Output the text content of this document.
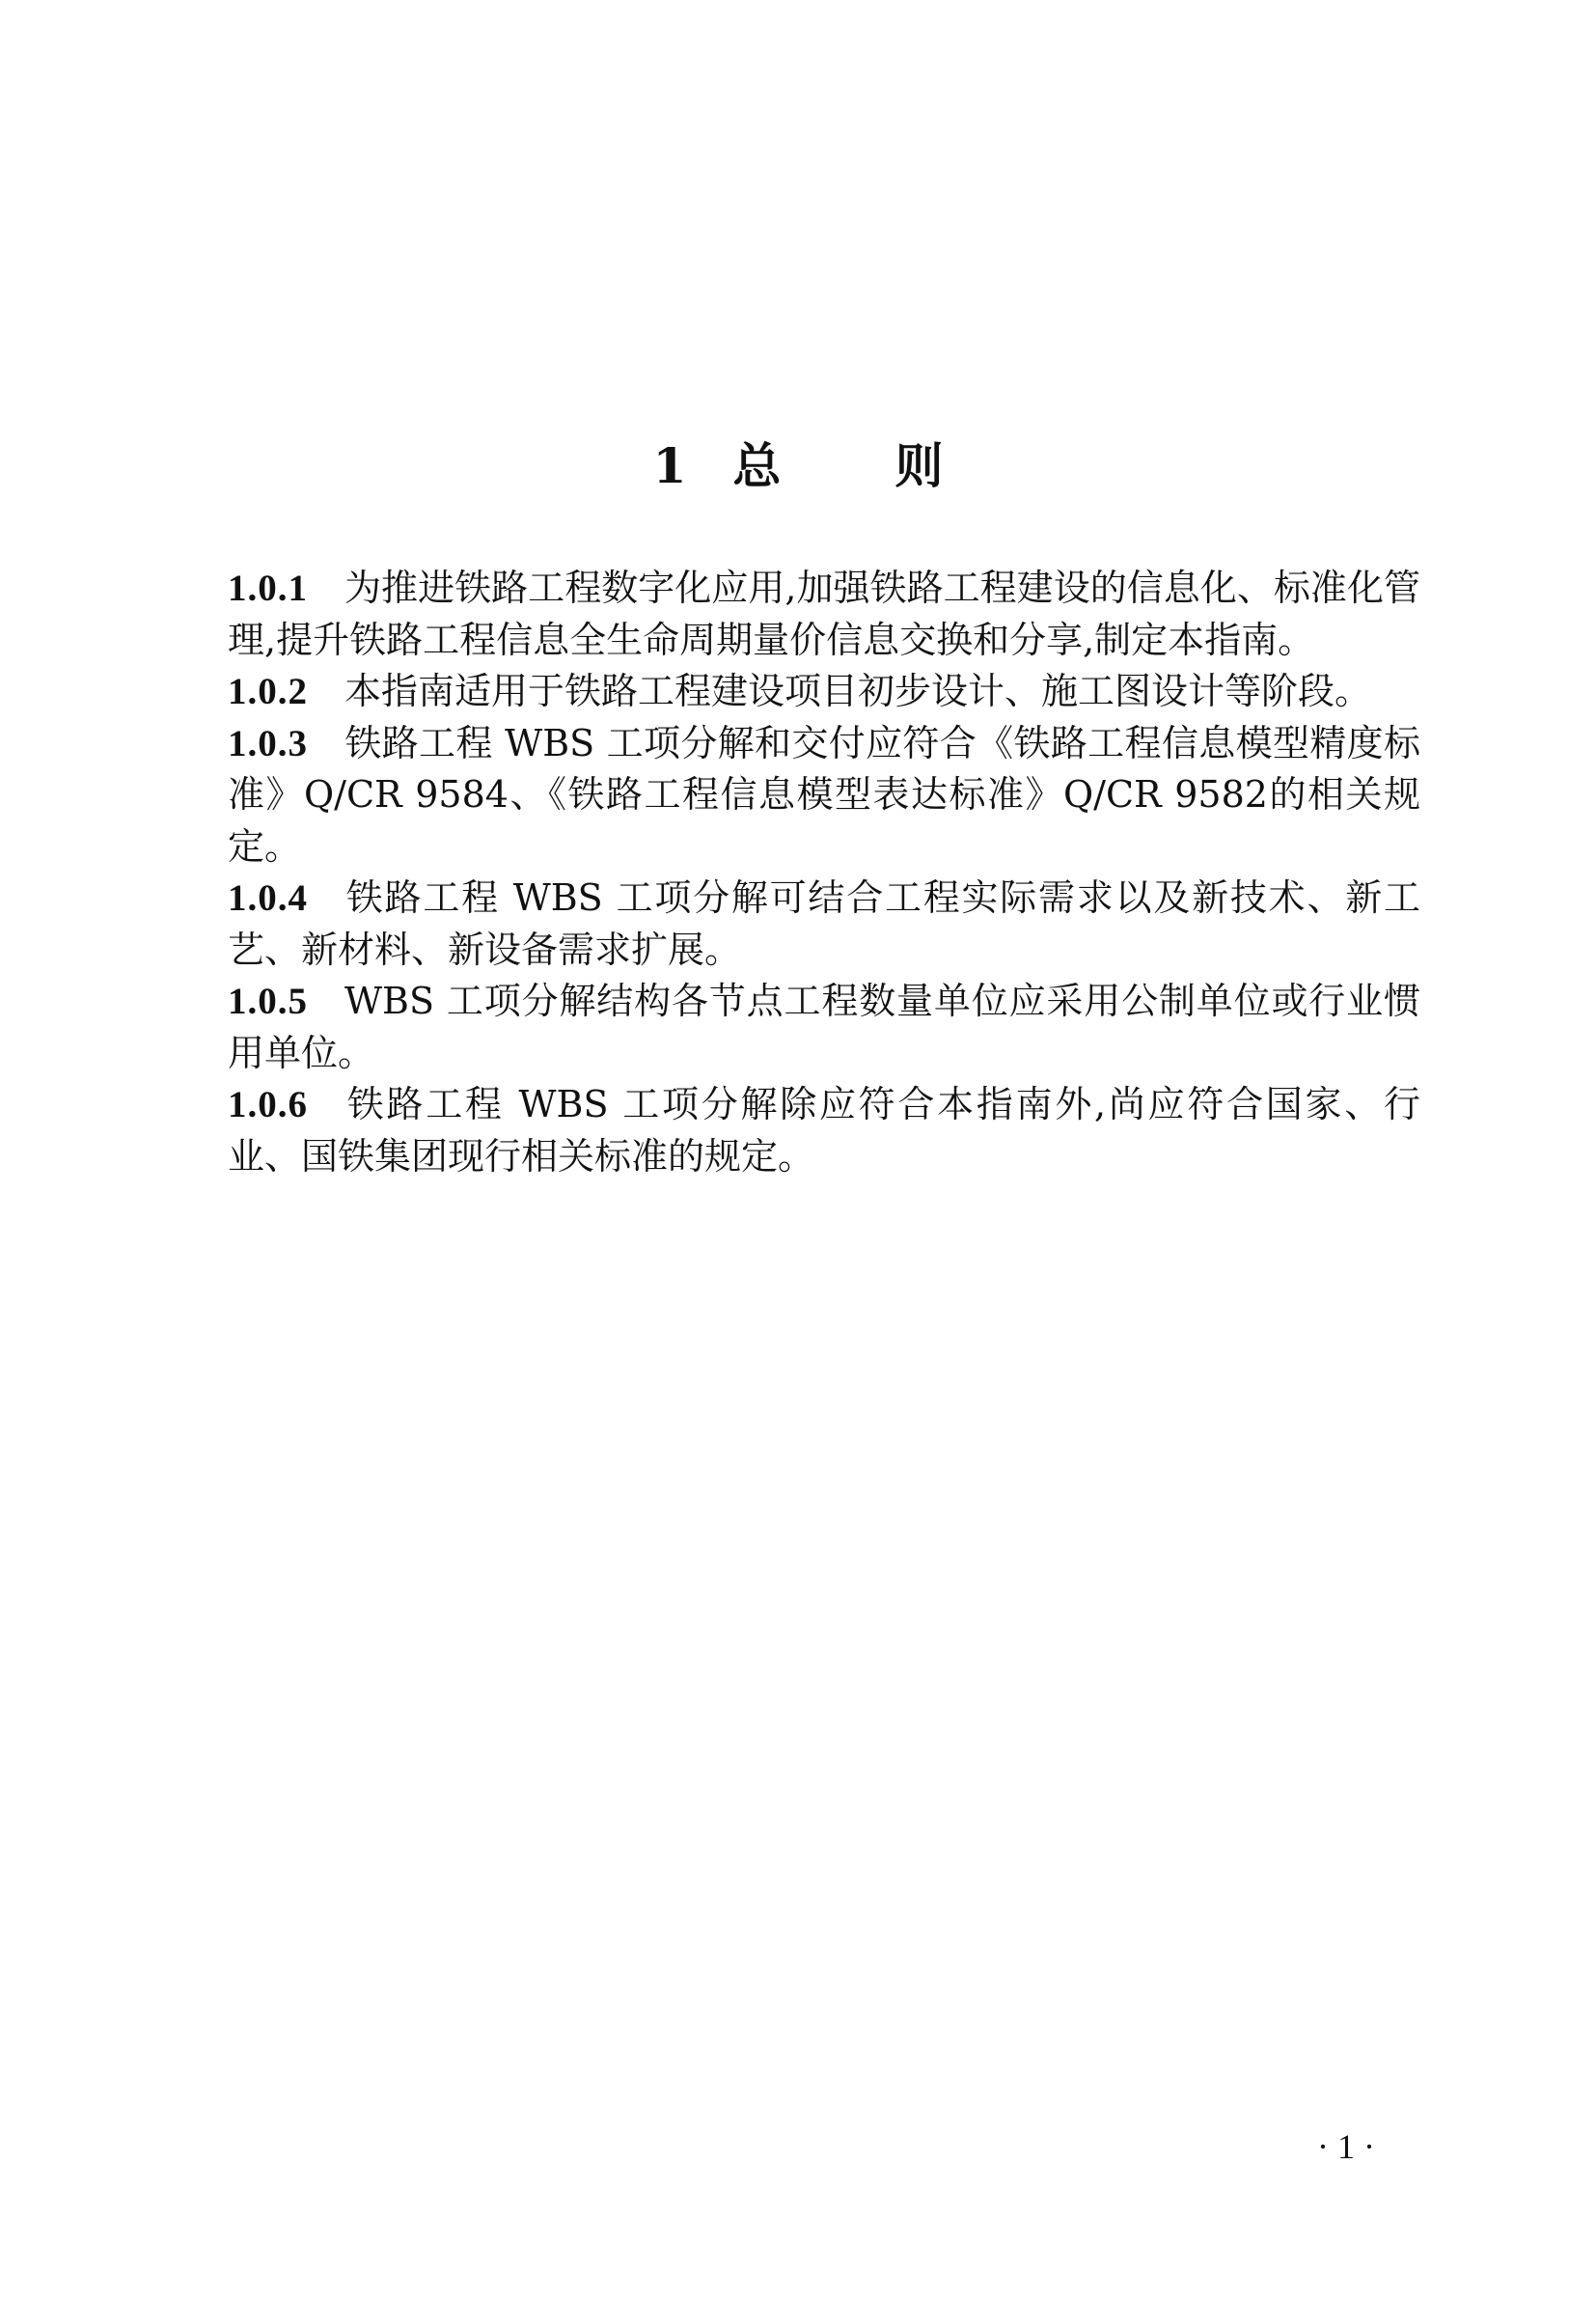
1 总则

1.0.1 为推进铁路工程数字化应用,加强铁路工程建设的信息化、标准化管理,提升铁路工程信息全生命周期量价信息交换和分享,制定本指南。

1.0.2 本指南适用于铁路工程建设项目初步设计、施工图设计等阶段。

1.0.3 铁路工程 WBS 工项分解和交付应符合《铁路工程信息模型精度标准》Q/CR 9584、《铁路工程信息模型表达标准》Q/CR 9582的相关规定。

1.0.4 铁路工程 WBS 工项分解可结合工程实际需求以及新技术、新工艺、新材料、新设备需求扩展。

1.0.5 WBS 工项分解结构各节点工程数量单位应采用公制单位或行业惯用单位。

1.0.6 铁路工程 WBS 工项分解除应符合本指南外,尚应符合国家、行业、国铁集团现行相关标准的规定。

· 1 ·
